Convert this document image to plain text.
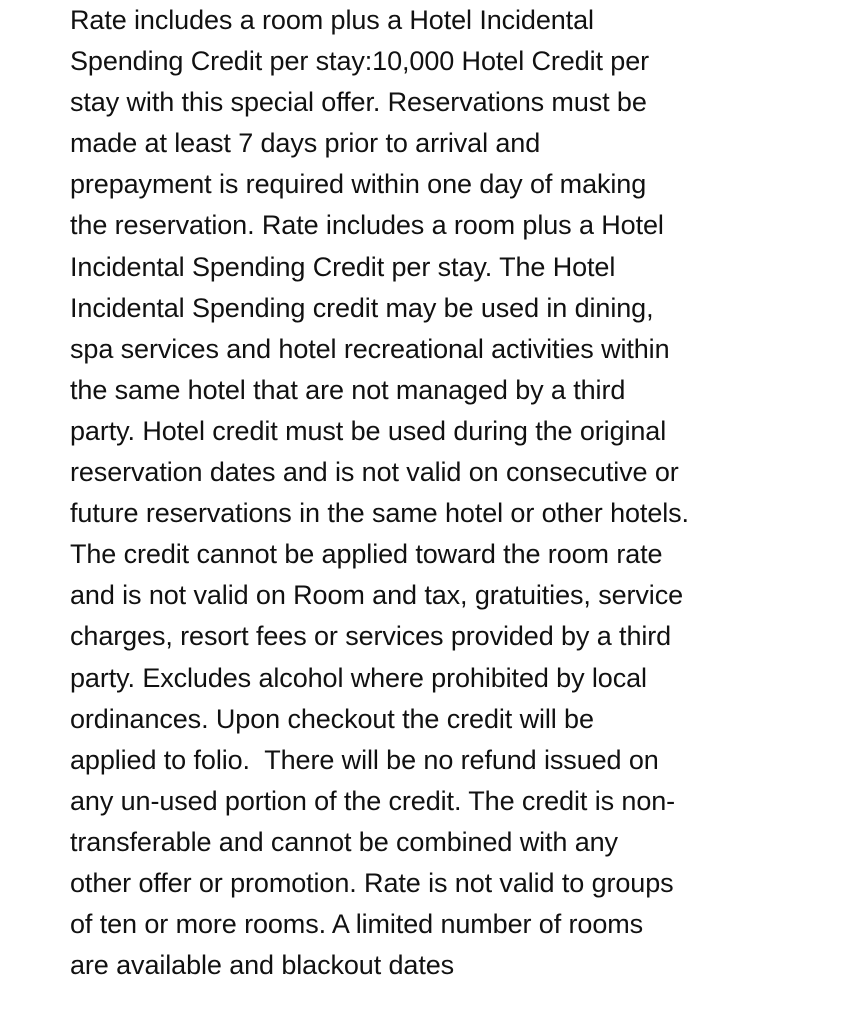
Rate includes a room plus a Hotel Incidental
Spending Credit per stay:10,000 Hotel Credit per
stay with this special offer. Reservations must be
made at least 7 days prior to arrival and
prepayment is required within one day of making
the reservation. Rate includes a room plus a Hotel
Incidental Spending Credit per stay. The Hotel
Incidental Spending credit may be used in dining,
spa services and hotel recreational activities within
the same hotel that are not managed by a third
party. Hotel credit must be used during the original
reservation dates and is not valid on consecutive or
future reservations in the same hotel or other hotels.
The credit cannot be applied toward the room rate
and is not valid on Room and tax, gratuities, service
charges, resort fees or services provided by a third
party. Excludes alcohol where prohibited by local
ordinances. Upon checkout the credit will be
applied to folio.  There will be no refund issued on
any un-used portion of the credit. The credit is non-
transferable and cannot be combined with any
other offer or promotion. Rate is not valid to groups
of ten or more rooms. A limited number of rooms
are available and blackout dates
